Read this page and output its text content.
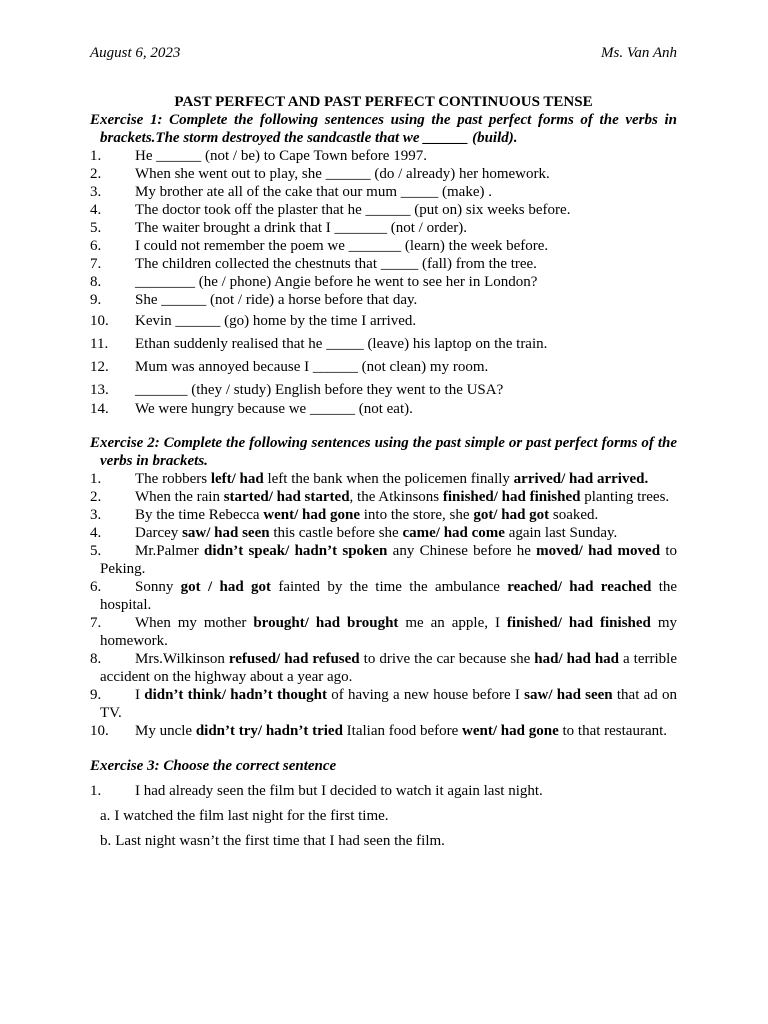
August 6, 2023	Ms. Van Anh

PAST PERFECT AND PAST PERFECT CONTINUOUS TENSE

Exercise 1: Complete the following sentences using the past perfect forms of the verbs in brackets.The storm destroyed the sandcastle that we ______ (build).

1. He ______ (not / be) to Cape Town before 1997.

2. When she went out to play, she ______ (do / already) her homework.

3. My brother ate all of the cake that our mum _____ (make) .

4. The doctor took off the plaster that he ______ (put on) six weeks before.

5. The waiter brought a drink that I _______ (not / order).

6. I could not remember the poem we _______ (learn) the week before.

7. The children collected the chestnuts that _____ (fall) from the tree.

8. ________ (he / phone) Angie before he went to see her in London?

9. She ______ (not / ride) a horse before that day.

10. Kevin ______ (go) home by the time I arrived.

11. Ethan suddenly realised that he _____ (leave) his laptop on the train.

12. Mum was annoyed because I ______ (not clean) my room.

13. _______ (they / study) English before they went to the USA?

14. We were hungry because we ______ (not eat).

Exercise 2: Complete the following sentences using the past simple or past perfect forms of the verbs in brackets.

1. The robbers left/ had left the bank when the policemen finally arrived/ had arrived.

2. When the rain started/ had started, the Atkinsons finished/ had finished planting trees.

3. By the time Rebecca went/ had gone into the store, she got/ had got soaked.

4. Darcey saw/ had seen this castle before she came/ had come again last Sunday.

5. Mr.Palmer didn’t speak/ hadn’t spoken any Chinese before he moved/ had moved to Peking.

6. Sonny got / had got fainted by the time the ambulance reached/ had reached the hospital.

7. When my mother brought/ had brought me an apple, I finished/ had finished my homework.

8. Mrs.Wilkinson refused/ had refused to drive the car because she had/ had had a terrible accident on the highway about a year ago.

9. I didn’t think/ hadn’t thought of having a new house before I saw/ had seen that ad on TV.

10. My uncle didn’t try/ hadn’t tried Italian food before went/ had gone to that restaurant.

Exercise 3: Choose the correct sentence

1. I had already seen the film but I decided to watch it again last night.

a. I watched the film last night for the first time.

b. Last night wasn’t the first time that I had seen the film.
